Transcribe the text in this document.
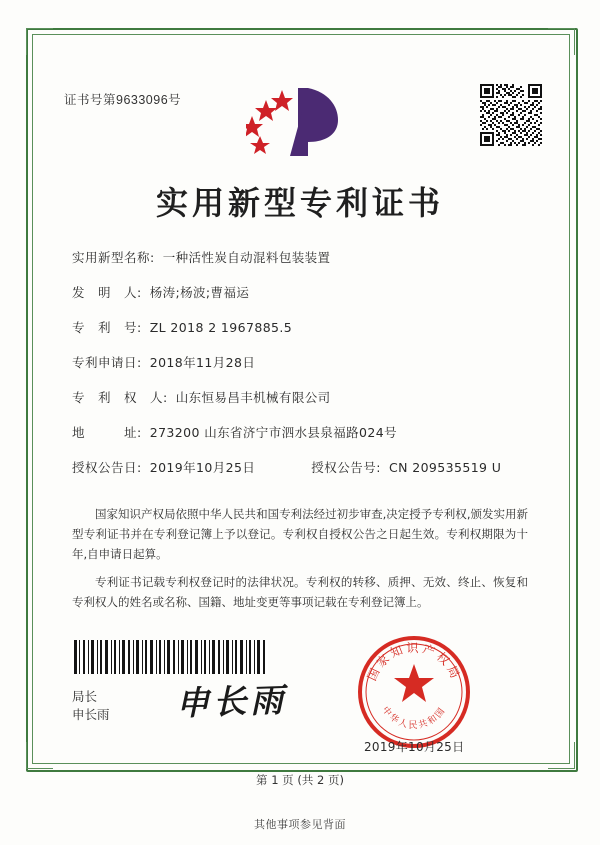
证书号第9633096号
实用新型专利证书
实用新型名称: 一种活性炭自动混料包装装置
发　明　人: 杨涛;杨波;曹福运
专　利　号: ZL 2018 2 1967885.5
专利申请日: 2018年11月28日
专　利　权　人: 山东恒易昌丰机械有限公司
地　　　址: 273200 山东省济宁市泗水县泉福路024号
授权公告日: 2019年10月25日	授权公告号: CN 209535519 U

国家知识产权局依照中华人民共和国专利法经过初步审查,决定授予专利权,颁发实用新型专利证书并在专利登记簿上予以登记。专利权自授权公告之日起生效。专利权期限为十年,自申请日起算。

专利证书记载专利权登记时的法律状况。专利权的转移、质押、无效、终止、恢复和专利权人的姓名或名称、国籍、地址变更等事项记载在专利登记簿上。

局长
申长雨 申长雨
国家知识产权局
中华人民共和国
2019年10月25日
第 1 页 (共 2 页)
其他事项参见背面
